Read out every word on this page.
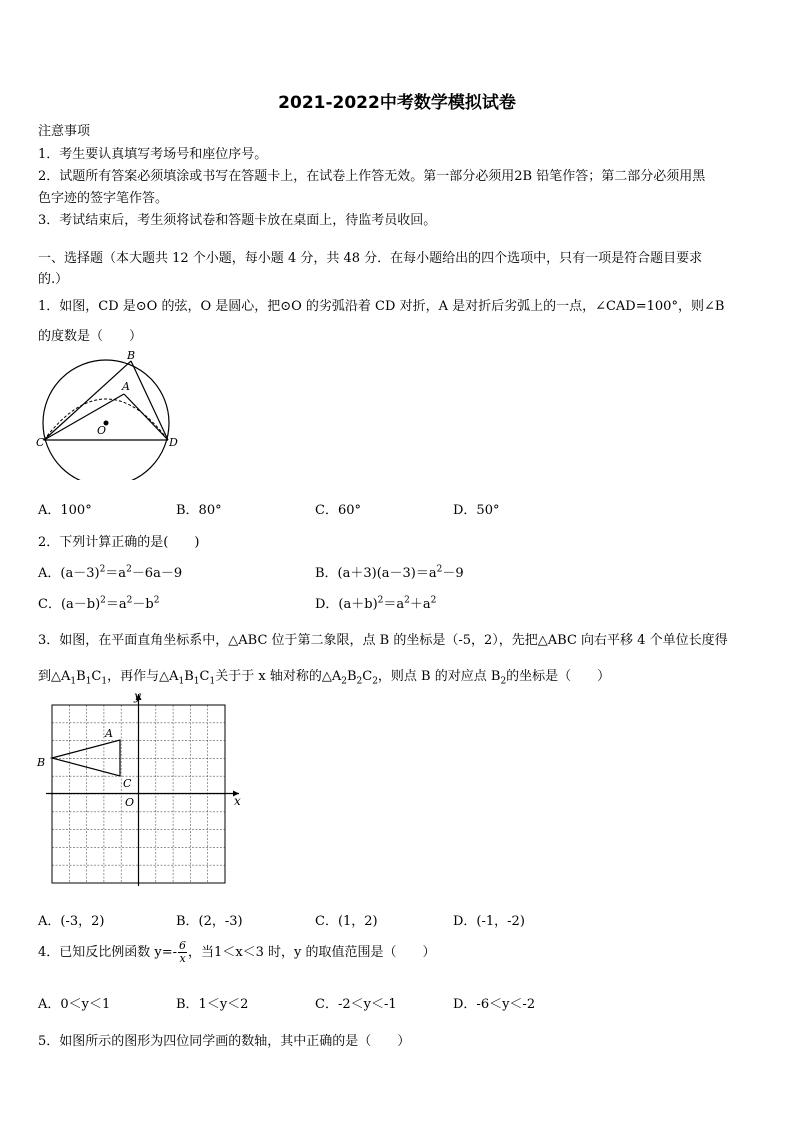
2021-2022中考数学模拟试卷
注意事项
1．考生要认真填写考场号和座位序号。
2．试题所有答案必须填涂或书写在答题卡上，在试卷上作答无效。第一部分必须用2B 铅笔作答；第二部分必须用黑
色字迹的签字笔作答。
3．考试结束后，考生须将试卷和答题卡放在桌面上，待监考员收回。
一、选择题（本大题共 12 个小题，每小题 4 分，共 48 分．在每小题给出的四个选项中，只有一项是符合题目要求
的.）
1．如图，CD 是⊙O 的弦，O 是圆心，把⊙O 的劣弧沿着 CD 对折，A 是对折后劣弧上的一点，∠CAD=100°，则∠B
的度数是（　　）
B
A
C	D
O
A．100°	B．80°	C．60°	D．50°
2．下列计算正确的是(　　)
A．$(a-3)^2=a^2-6a-9$	B．$(a+3)(a-3)=a^2-9$
C．$(a-b)^2=a^2-b^2$	D．$(a+b)^2=a^2+a^2$
3．如图，在平面直角坐标系中，△ABC 位于第二象限，点 B 的坐标是（-5，2），先把△ABC 向右平移 4 个单位长度得
到$\triangle A_1B_1C_1$，再作与$\triangle A_1B_1C_1$关于于 x 轴对称的$\triangle A_2B_2C_2$，则点 B 的对应点 $B_2$的坐标是（　　）
y
x
A
B
C
O
A．(-3，2)	B．(2，-3)	C．(1，2)	D．(-1，-2)
4．已知反比例函数 $y=- \frac{6}{x}$ ，当1＜x＜3 时，y 的取值范围是（　　）
A．0＜y＜1	B．1＜y＜2	C．-2＜y＜-1	D．-6＜y＜-2
5．如图所示的图形为四位同学画的数轴，其中正确的是（　　）
